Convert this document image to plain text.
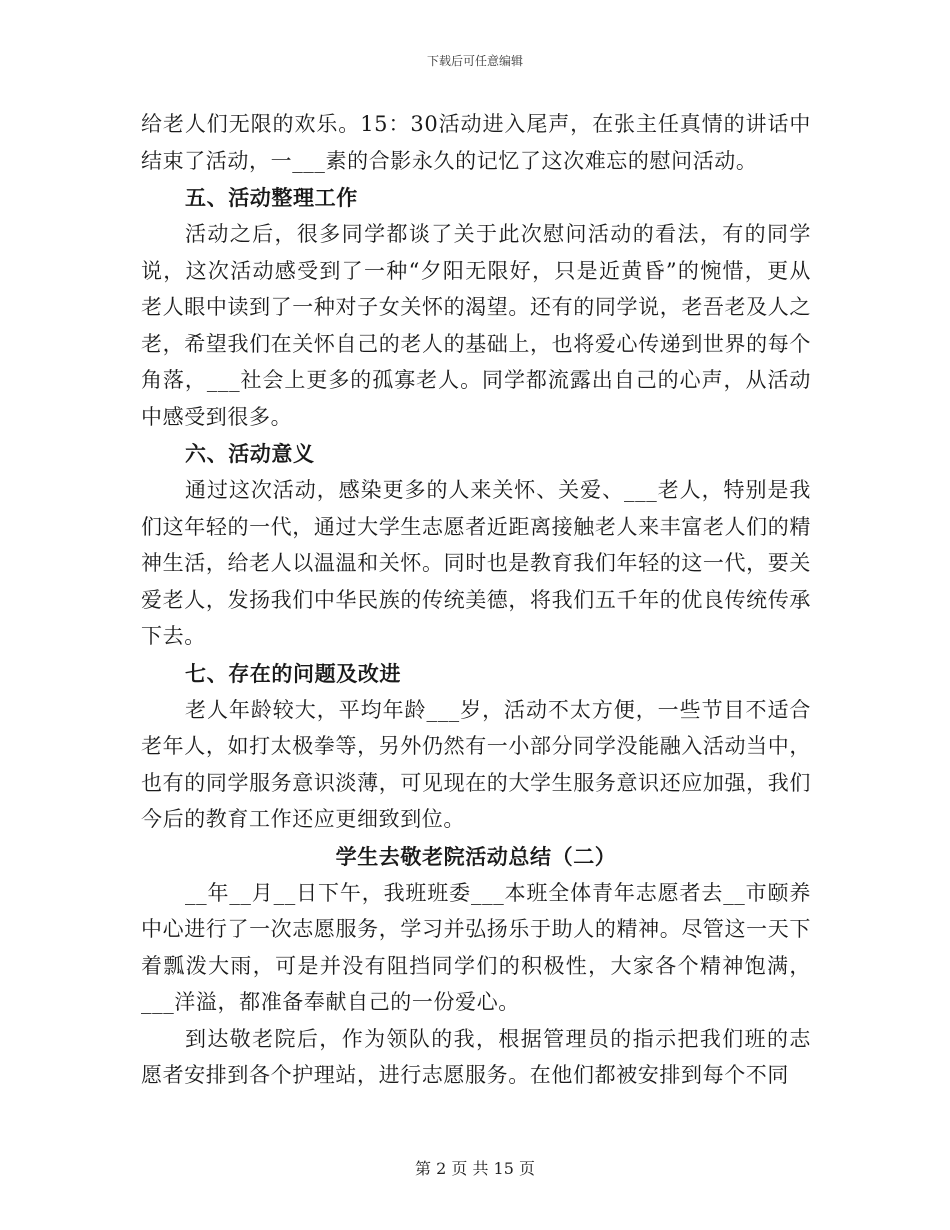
下载后可任意编辑

给老人们无限的欢乐。15：30活动进入尾声，在张主任真情的讲话中结束了活动，一___素的合影永久的记忆了这次难忘的慰问活动。

五、活动整理工作

活动之后，很多同学都谈了关于此次慰问活动的看法，有的同学说，这次活动感受到了一种“夕阳无限好，只是近黄昏”的惋惜，更从老人眼中读到了一种对子女关怀的渴望。还有的同学说，老吾老及人之老，希望我们在关怀自己的老人的基础上，也将爱心传递到世界的每个角落，___社会上更多的孤寡老人。同学都流露出自己的心声，从活动中感受到很多。

六、活动意义

通过这次活动，感染更多的人来关怀、关爱、___老人，特别是我们这年轻的一代，通过大学生志愿者近距离接触老人来丰富老人们的精神生活，给老人以温温和关怀。同时也是教育我们年轻的这一代，要关爱老人，发扬我们中华民族的传统美德，将我们五千年的优良传统传承下去。

七、存在的问题及改进

老人年龄较大，平均年龄___岁，活动不太方便，一些节目不适合老年人，如打太极拳等，另外仍然有一小部分同学没能融入活动当中，也有的同学服务意识淡薄，可见现在的大学生服务意识还应加强，我们今后的教育工作还应更细致到位。

学生去敬老院活动总结（二）

__年__月__日下午，我班班委___本班全体青年志愿者去__市颐养中心进行了一次志愿服务，学习并弘扬乐于助人的精神。尽管这一天下着瓢泼大雨，可是并没有阻挡同学们的积极性，大家各个精神饱满，___洋溢，都准备奉献自己的一份爱心。

到达敬老院后，作为领队的我，根据管理员的指示把我们班的志愿者安排到各个护理站，进行志愿服务。在他们都被安排到每个不同

第 2 页 共 15 页
